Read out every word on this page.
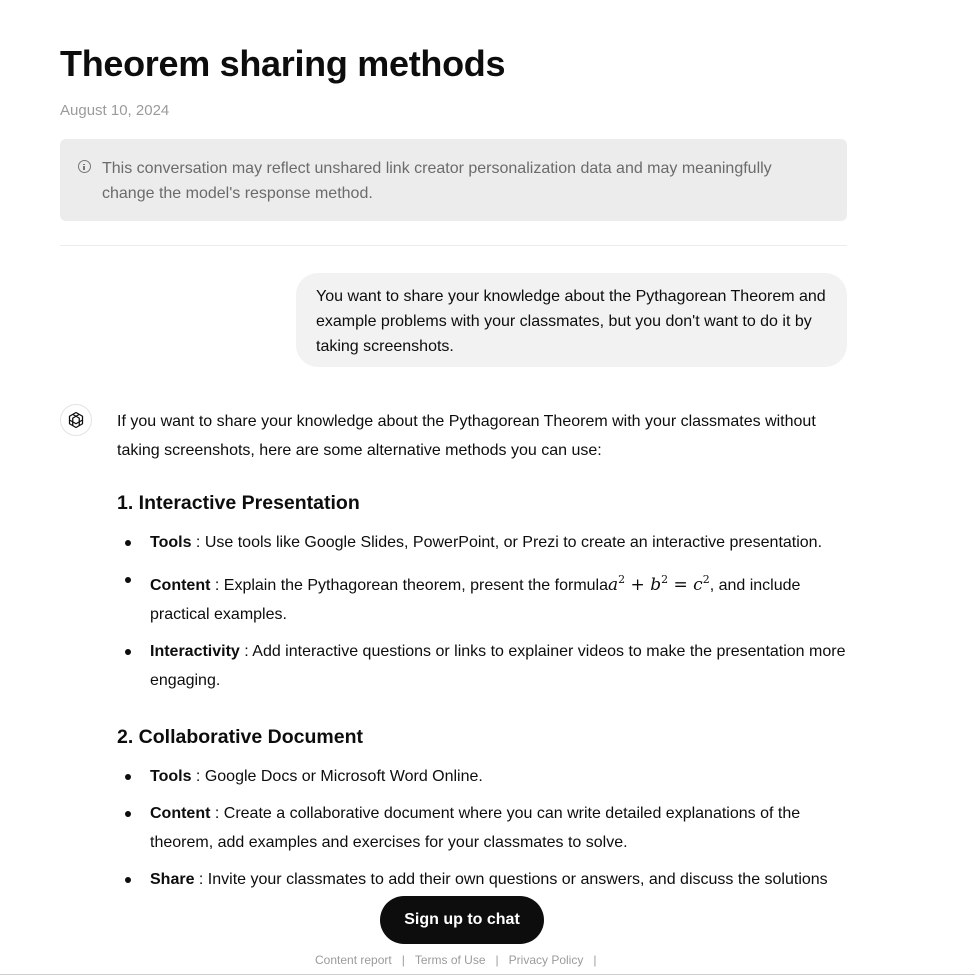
Theorem sharing methods
August 10, 2024
This conversation may reflect unshared link creator personalization data and may meaningfully change the model's response method.
You want to share your knowledge about the Pythagorean Theorem and example problems with your classmates, but you don't want to do it by taking screenshots.

If you want to share your knowledge about the Pythagorean Theorem with your classmates without taking screenshots, here are some alternative methods you can use:

1. Interactive Presentation
Tools : Use tools like Google Slides, PowerPoint, or Prezi to create an interactive presentation.
Content : Explain the Pythagorean theorem, present the formulaa$^2$ + $b^2 = c^2$, and include practical examples.
Interactivity : Add interactive questions or links to explainer videos to make the presentation more engaging.
2. Collaborative Document
Tools : Google Docs or Microsoft Word Online.
Content : Create a collaborative document where you can write detailed explanations of the theorem, add examples and exercises for your classmates to solve.
Share : Invite your classmates to add their own questions or answers, and discuss the solutions
Sign up to chat
Content report | Terms of Use | Privacy Policy |
